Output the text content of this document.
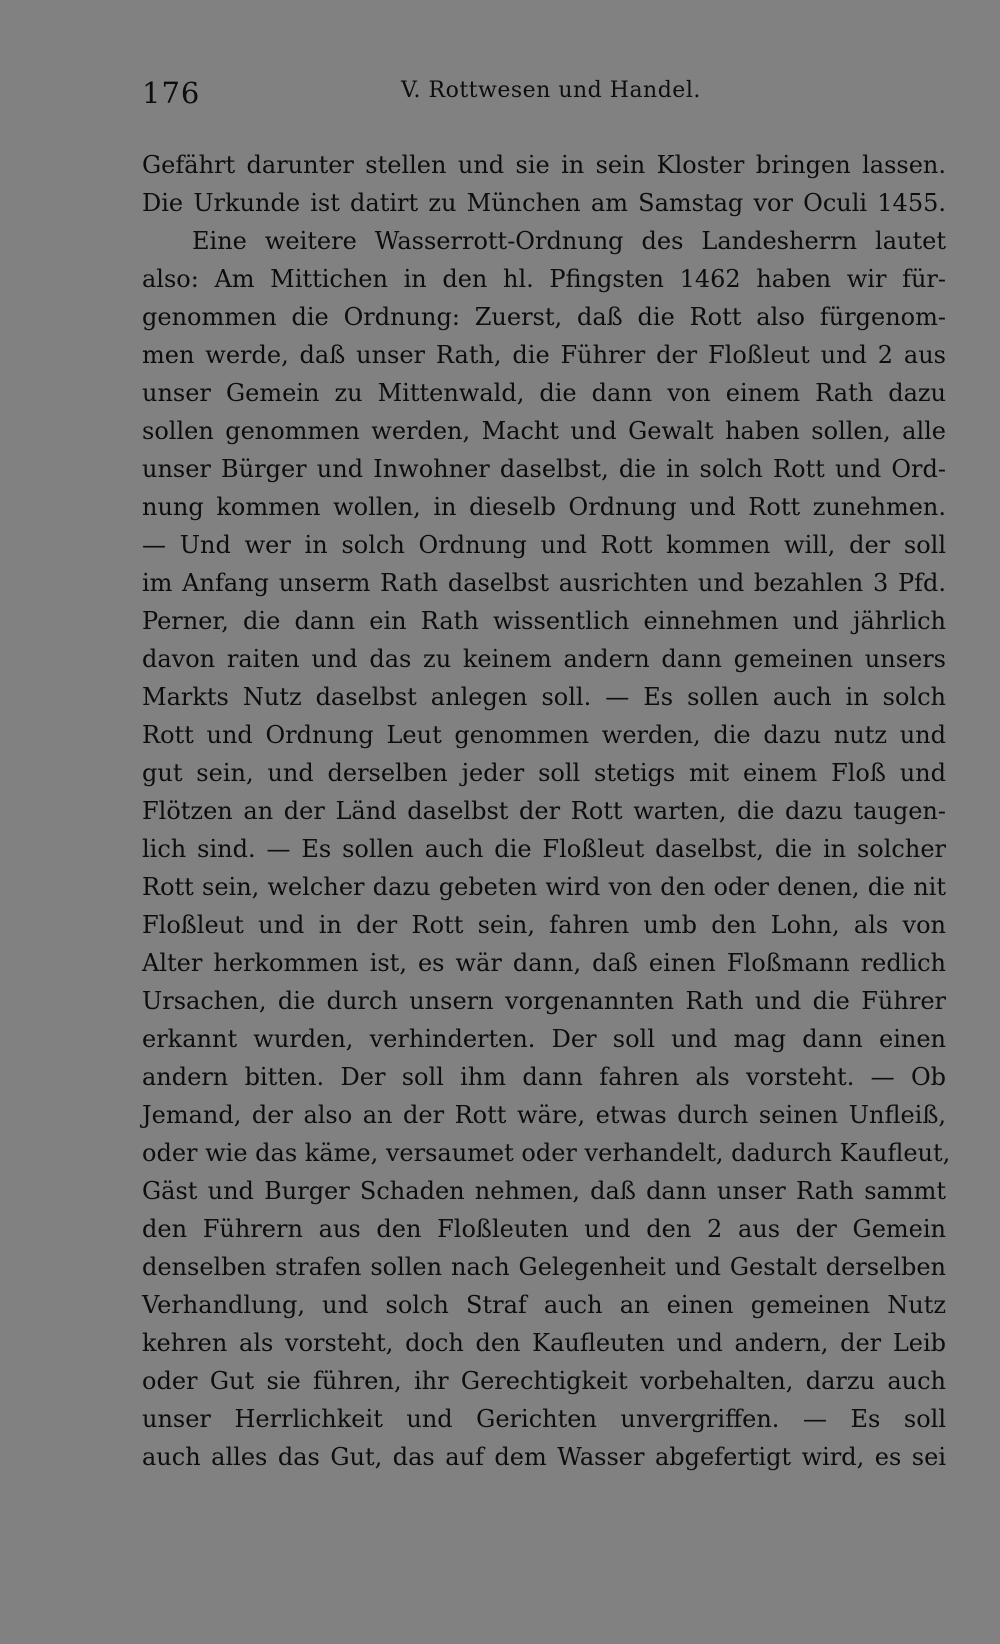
176	V. Rottwesen und Handel.
Gefährt darunter stellen und sie in sein Kloster bringen lassen.
Die Urkunde ist datirt zu München am Samstag vor Oculi 1455.
Eine weitere Wasserrott-Ordnung des Landesherrn lautet
also: Am Mittichen in den hl. Pfingsten 1462 haben wir für-
genommen die Ordnung: Zuerst, daß die Rott also fürgenom-
men werde, daß unser Rath, die Führer der Floßleut und 2 aus
unser Gemein zu Mittenwald, die dann von einem Rath dazu
sollen genommen werden, Macht und Gewalt haben sollen, alle
unser Bürger und Inwohner daselbst, die in solch Rott und Ord-
nung kommen wollen, in dieselb Ordnung und Rott zunehmen.
— Und wer in solch Ordnung und Rott kommen will, der soll
im Anfang unserm Rath daselbst ausrichten und bezahlen 3 Pfd.
Perner, die dann ein Rath wissentlich einnehmen und jährlich
davon raiten und das zu keinem andern dann gemeinen unsers
Markts Nutz daselbst anlegen soll. — Es sollen auch in solch
Rott und Ordnung Leut genommen werden, die dazu nutz und
gut sein, und derselben jeder soll stetigs mit einem Floß und
Flötzen an der Länd daselbst der Rott warten, die dazu taugen-
lich sind. — Es sollen auch die Floßleut daselbst, die in solcher
Rott sein, welcher dazu gebeten wird von den oder denen, die nit
Floßleut und in der Rott sein, fahren umb den Lohn, als von
Alter herkommen ist, es wär dann, daß einen Floßmann redlich
Ursachen, die durch unsern vorgenannten Rath und die Führer
erkannt wurden, verhinderten. Der soll und mag dann einen
andern bitten. Der soll ihm dann fahren als vorsteht. — Ob
Jemand, der also an der Rott wäre, etwas durch seinen Unfleiß,
oder wie das käme, versaumet oder verhandelt, dadurch Kaufleut,
Gäst und Burger Schaden nehmen, daß dann unser Rath sammt
den Führern aus den Floßleuten und den 2 aus der Gemein
denselben strafen sollen nach Gelegenheit und Gestalt derselben
Verhandlung, und solch Straf auch an einen gemeinen Nutz
kehren als vorsteht, doch den Kaufleuten und andern, der Leib
oder Gut sie führen, ihr Gerechtigkeit vorbehalten, darzu auch
unser Herrlichkeit und Gerichten unvergriffen. — Es soll
auch alles das Gut, das auf dem Wasser abgefertigt wird, es sei
